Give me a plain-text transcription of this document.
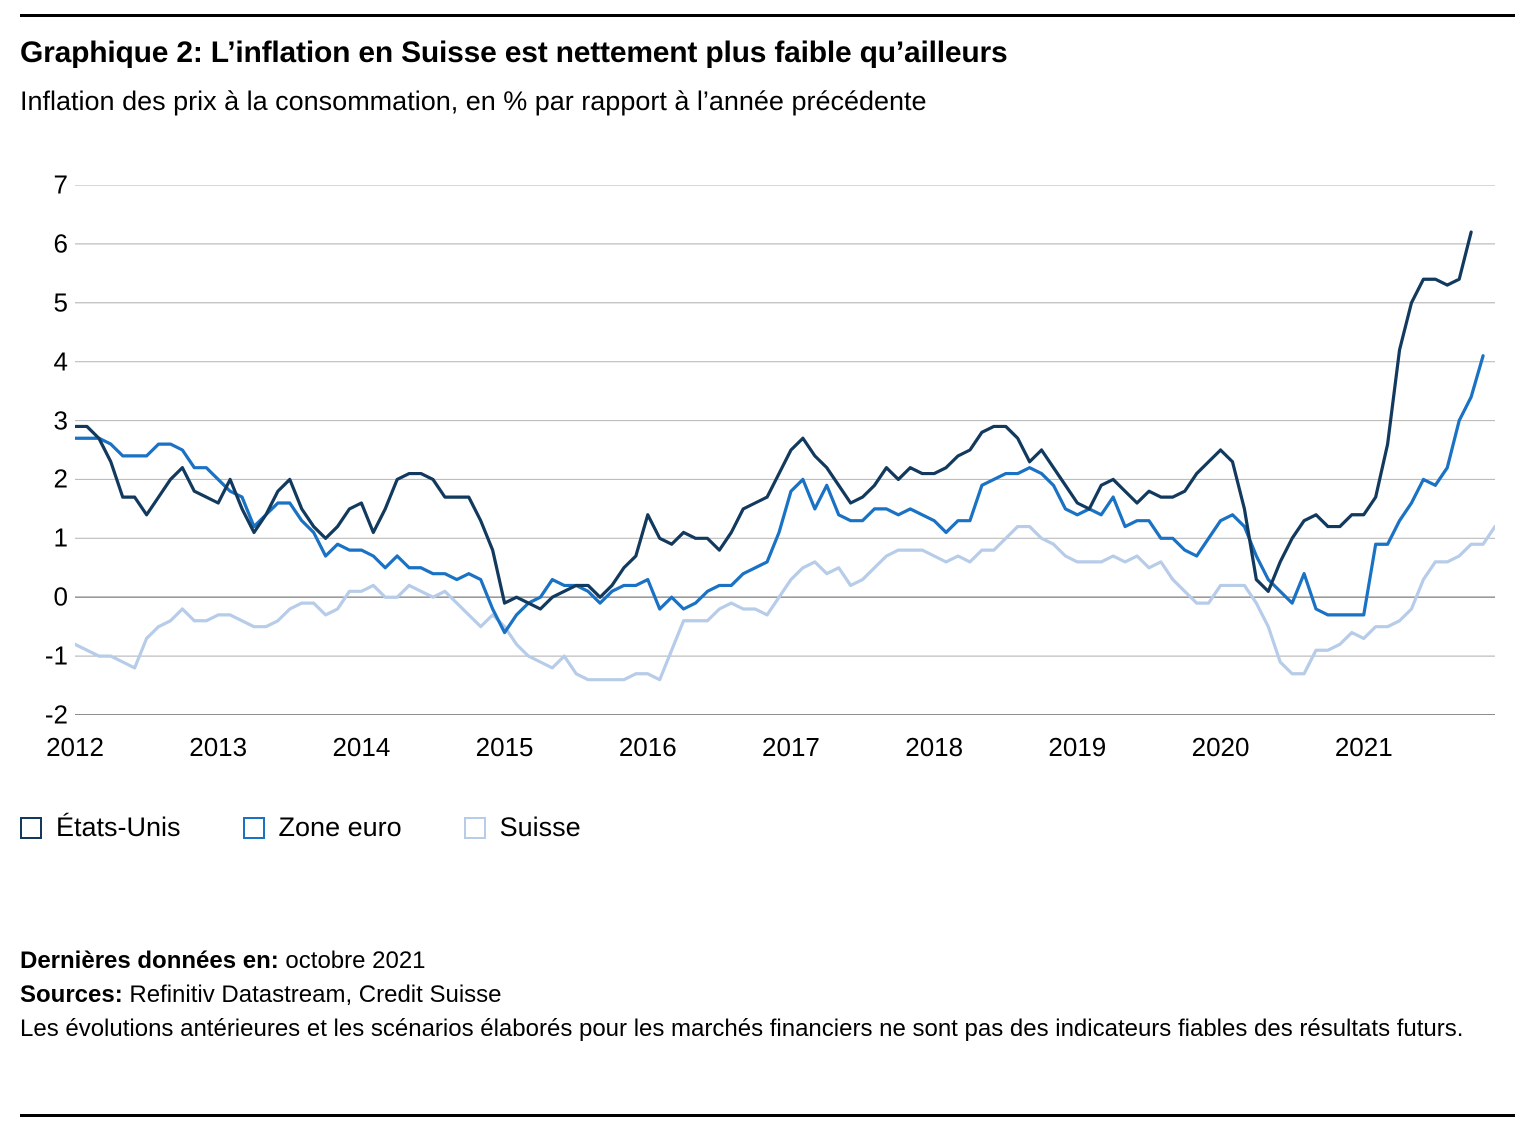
Graphique 2: L’inflation en Suisse est nettement plus faible qu’ailleurs
Inflation des prix à la consommation, en % par rapport à l’année précédente
7
6
5
4
3
2
1
0
-1
-2
2012	2013	2014	2015	2016	2017	2018	2019	2020	2021
États-Unis	Zone euro	Suisse
Dernières données en: octobre 2021
Sources: Refinitiv Datastream, Credit Suisse
Les évolutions antérieures et les scénarios élaborés pour les marchés financiers ne sont pas des indicateurs fiables des résultats futurs.
